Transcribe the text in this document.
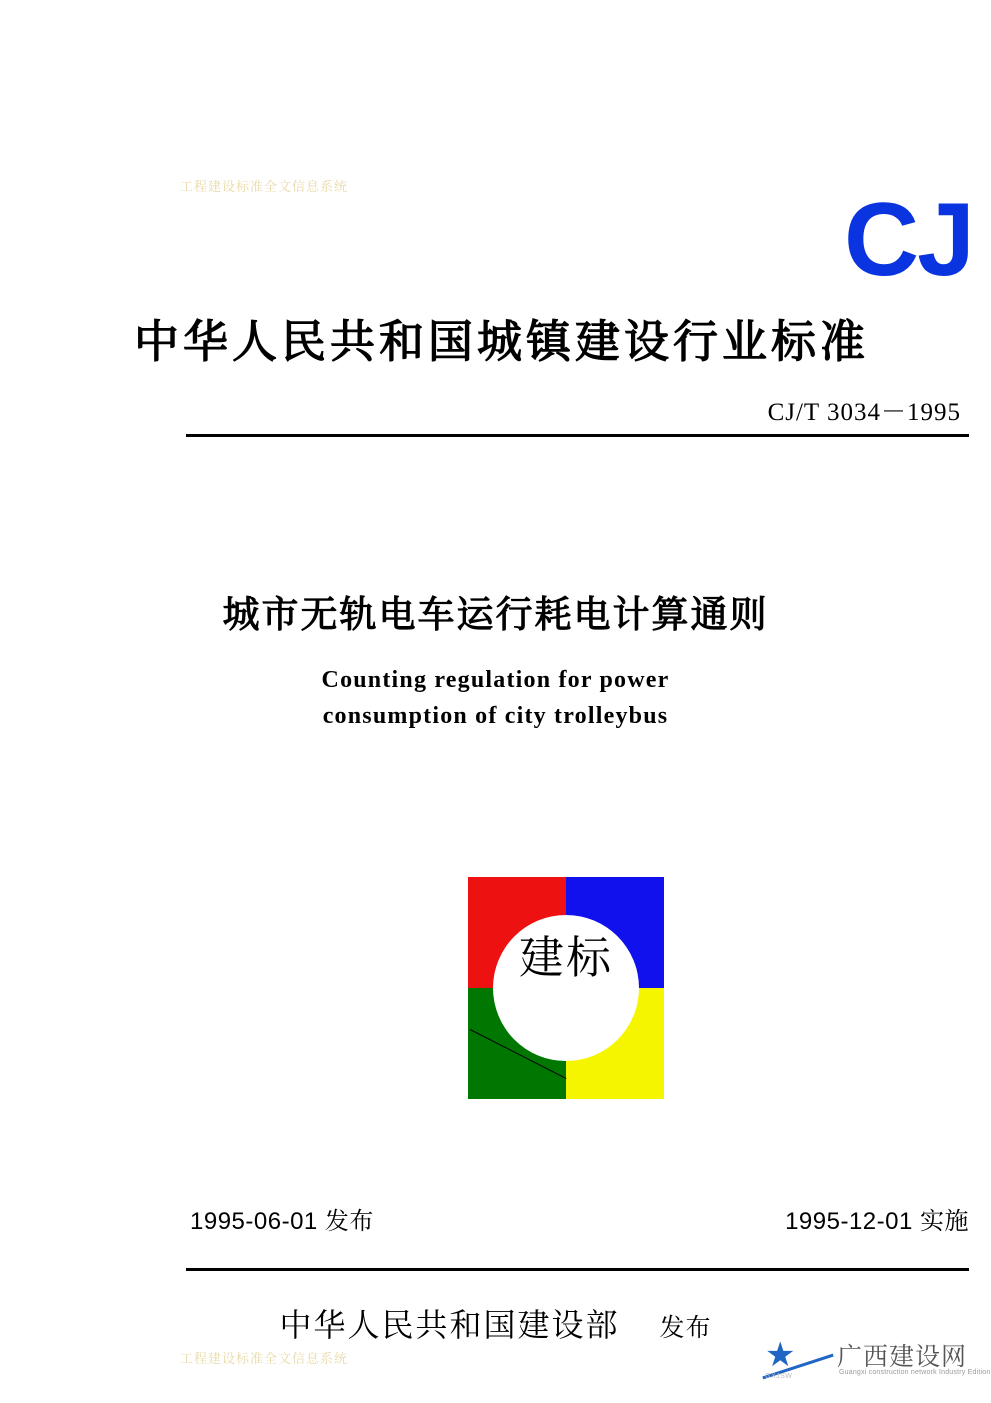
工程建设标准全文信息系统	CJ
中华人民共和国城镇建设行业标准
CJ/T 3034－1995
城市无轨电车运行耗电计算通则
Counting regulation for power
consumption of city trolleybus
建标
1995-06-01 发布	1995-12-01 实施
中华人民共和国建设部 发布
工程建设标准全文信息系统	★ 广西建设网
Guangxi construction network Industry Edition
GXJSW
